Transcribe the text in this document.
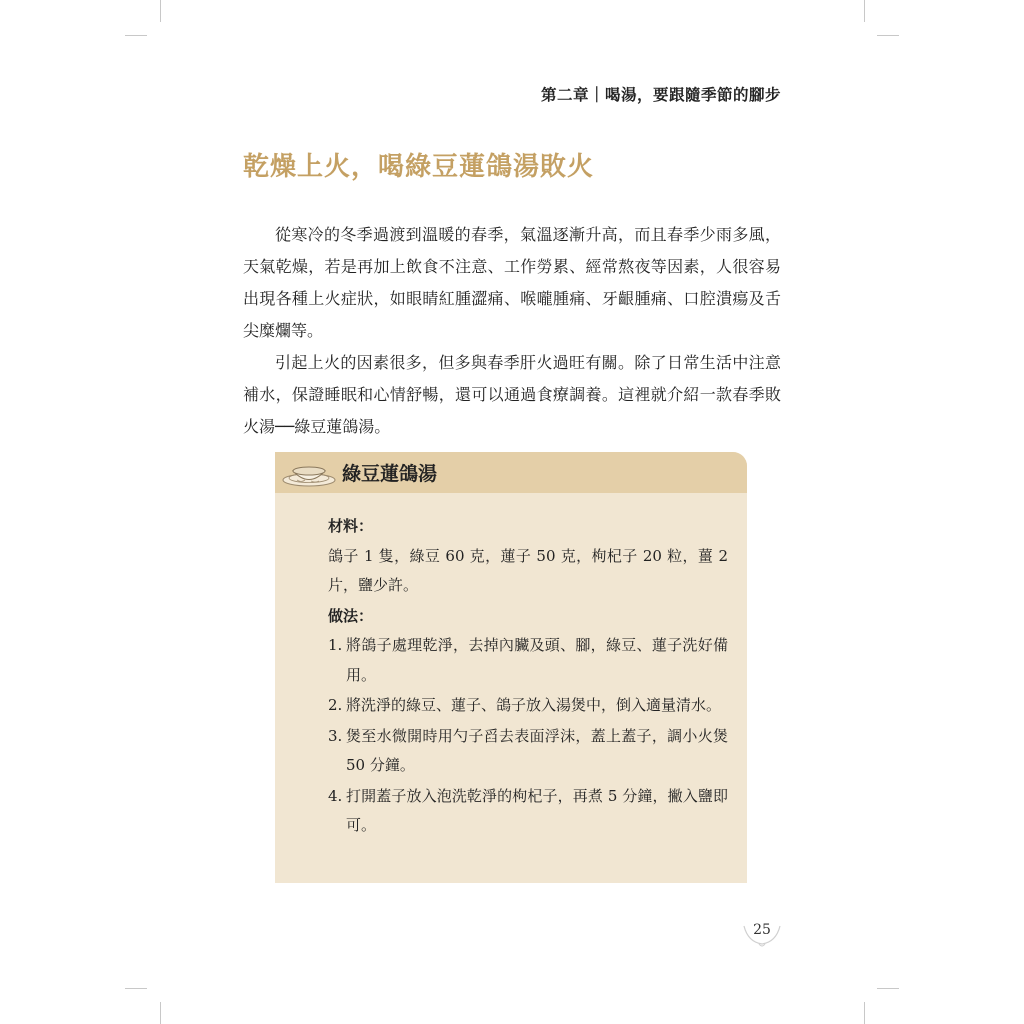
第二章｜喝湯，要跟隨季節的腳步
乾燥上火，喝綠豆蓮鴿湯敗火

從寒冷的冬季過渡到溫暖的春季，氣溫逐漸升高，而且春季少雨多風，天氣乾燥，若是再加上飲食不注意、工作勞累、經常熬夜等因素，人很容易出現各種上火症狀，如眼睛紅腫澀痛、喉嚨腫痛、牙齦腫痛、口腔潰瘍及舌尖糜爛等。

引起上火的因素很多，但多與春季肝火過旺有關。除了日常生活中注意補水，保證睡眠和心情舒暢，還可以通過食療調養。這裡就介紹一款春季敗火湯──綠豆蓮鴿湯。

綠豆蓮鴿湯

材料：

鴿子 1 隻，綠豆 60 克，蓮子 50 克，枸杞子 20 粒，薑 2 片，鹽少許。

做法：

1. 將鴿子處理乾淨，去掉內臟及頭、腳，綠豆、蓮子洗好備用。
2. 將洗淨的綠豆、蓮子、鴿子放入湯煲中，倒入適量清水。
3. 煲至水微開時用勺子舀去表面浮沫，蓋上蓋子，調小火煲 50 分鐘。
4. 打開蓋子放入泡洗乾淨的枸杞子，再煮 5 分鐘，撇入鹽即可。
25
